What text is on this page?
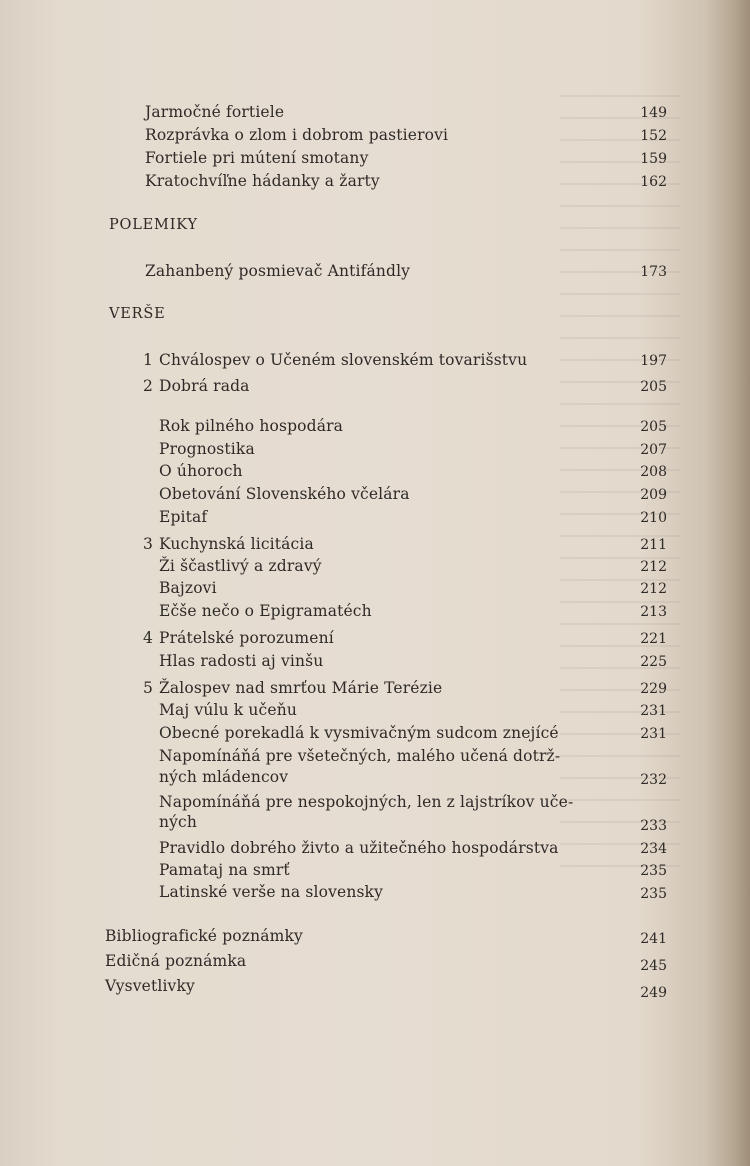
Jarmočné fortiele	149
Rozprávka o zlom i dobrom pastierovi	152
Fortiele pri mútení smotany	159
Kratochvíľne hádanky a žarty	162
POLEMIKY
Zahanbený posmievač Antifándly	173
VERŠE
1 Chválospev o Učeném slovenském tovarišstvu	197
2 Dobrá rada	205
Rok pilného hospodára	205
Prognostika	207
O úhoroch	208
Obetování Slovenského včelára	209
Epitaf	210
3 Kuchynská licitácia	211
Ži ščastlivý a zdravý	212
Bajzovi	212
Ečše nečo o Epigramatéch	213
4 Prátelské porozumení	221
Hlas radosti aj vinšu	225
5 Žalospev nad smrťou Márie Terézie	229
Maj vúlu k učeňu	231
Obecné porekadlá k vysmivačným sudcom znejícé	231
Napomínáňá pre všetečných, malého učená dotrž-
ných mládencov	232
Napomínáňá pre nespokojných, len z lajstríkov uče-
ných	233
Pravidlo dobrého živto a užitečného hospodárstva	234
Pamataj na smrť	235
Latinské verše na slovensky	235
Bibliografické poznámky	241
Edičná poznámka	245
Vysvetlivky	249
